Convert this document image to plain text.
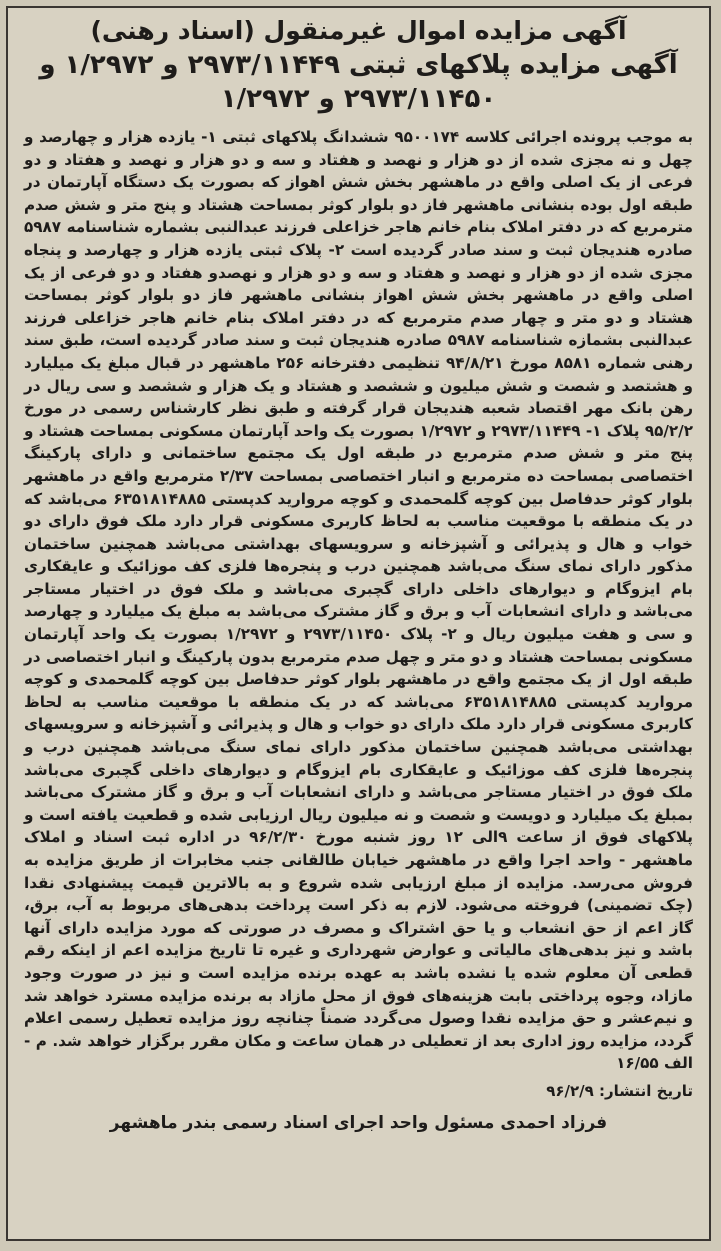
آگهی مزایده اموال غیرمنقول (اسناد رهنی)
آگهی مزایده پلاکهای ثبتی ۲۹۷۳/۱۱۴۴۹ و ۱/۲۹۷۲ و
۲۹۷۳/۱۱۴۵۰ و ۱/۲۹۷۲

به موجب پرونده اجرائی کلاسه ۹۵۰۰۱۷۴ ششدانگ پلاکهای ثبتی ۱- یازده هزار و چهارصد و چهل و نه مجزی شده از دو هزار و نهصد و هفتاد و سه و دو هزار و نهصد و هفتاد و دو فرعی از یک اصلی واقع در ماهشهر بخش شش اهواز که بصورت یک دستگاه آپارتمان در طبقه اول بوده بنشانی ماهشهر فاز دو بلوار کوثر بمساحت هشتاد و پنج متر و شش صدم مترمربع که در دفتر املاک بنام خانم هاجر خزاعلی فرزند عبدالنبی بشماره شناسنامه ۵۹۸۷ صادره هندیجان ثبت و سند صادر گردیده است ۲- پلاک ثبتی یازده هزار و چهارصد و پنجاه مجزی شده از دو هزار و نهصد و هفتاد و سه و دو هزار و نهصدو هفتاد و دو فرعی از یک اصلی واقع در ماهشهر بخش شش اهواز بنشانی ماهشهر فاز دو بلوار کوثر بمساحت هشتاد و دو متر و چهار صدم مترمربع که در دفتر املاک بنام خانم هاجر خزاعلی فرزند عبدالنبی بشمازه شناسنامه ۵۹۸۷ صادره هندیجان ثبت و سند صادر گردیده است، طبق سند رهنی شماره ۸۵۸۱ مورخ ۹۴/۸/۲۱ تنظیمی دفترخانه ۲۵۶ ماهشهر در قبال مبلغ یک میلیارد و هشتصد و شصت و شش میلیون و ششصد و هشتاد و یک هزار و ششصد و سی ریال در رهن بانک مهر اقتصاد شعبه هندیجان قرار گرفته و طبق نظر کارشناس رسمی در مورخ ۹۵/۲/۲ پلاک ۱- ۲۹۷۳/۱۱۴۴۹ و ۱/۲۹۷۲ بصورت یک واحد آپارتمان مسکونی بمساحت هشتاد و پنج متر و شش صدم مترمربع در طبقه اول یک مجتمع ساختمانی و دارای پارکینگ اختصاصی بمساحت ده مترمربع و انبار اختصاصی بمساحت ۲/۳۷ مترمربع واقع در ماهشهر بلوار کوثر حدفاصل بین کوچه گلمحمدی و کوچه مروارید کدپستی ۶۳۵۱۸۱۴۸۸۵ می‌باشد که در یک منطقه با موقعیت مناسب به لحاظ کاربری مسکونی قرار دارد ملک فوق دارای دو خواب و هال و پذیرائی و آشپزخانه و سرویسهای بهداشتی می‌باشد همچنین ساختمان مذکور دارای نمای سنگ می‌باشد همچنین درب و پنجره‌ها فلزی کف موزائیک و عایقکاری بام ایزوگام و دیوارهای داخلی دارای گچبری می‌باشد و ملک فوق در اختیار مستاجر می‌باشد و دارای انشعابات آب و برق و گاز مشترک می‌باشد به مبلغ یک میلیارد و چهارصد و سی و هفت میلیون ریال و ۲- پلاک ۲۹۷۳/۱۱۴۵۰ و ۱/۲۹۷۲ بصورت یک واحد آپارتمان مسکونی بمساحت هشتاد و دو متر و چهل صدم مترمربع بدون پارکینگ و انبار اختصاصی در طبقه اول از یک مجتمع واقع در ماهشهر بلوار کوثر حدفاصل بین کوچه گلمحمدی و کوچه مروارید کدپستی ۶۳۵۱۸۱۴۸۸۵ می‌باشد که در یک منطقه با موقعیت مناسب به لحاظ کاربری مسکونی قرار دارد ملک دارای دو خواب و هال و پذیرائی و آشپزخانه و سرویسهای بهداشتی می‌باشد همچنین ساختمان مذکور دارای نمای سنگ می‌باشد همچنین درب و پنجره‌ها فلزی کف موزائیک و عایقکاری بام ایزوگام و دیوارهای داخلی گچبری می‌باشد ملک فوق در اختیار مستاجر می‌باشد و دارای انشعابات آب و برق و گاز مشترک می‌باشد بمبلغ یک میلیارد و دویست و شصت و نه میلیون ریال ارزیابی شده و قطعیت یافته است و پلاکهای فوق از ساعت ۹الی ۱۲ روز شنبه مورخ ۹۶/۲/۳۰ در اداره ثبت اسناد و املاک ماهشهر - واحد اجرا واقع در ماهشهر خیابان طالقانی جنب مخابرات از طریق مزایده به فروش می‌رسد. مزایده از مبلغ ارزیابی شده شروع و به بالاترین قیمت پیشنهادی نقدا (چک تضمینی) فروخته می‌شود. لازم به ذکر است پرداخت بدهی‌های مربوط به آب، برق، گاز اعم از حق انشعاب و یا حق اشتراک و مصرف در صورتی که مورد مزایده دارای آنها باشد و نیز بدهی‌های مالیاتی و عوارض شهرداری و غیره تا تاریخ مزایده اعم از اینکه رقم قطعی آن معلوم شده یا نشده باشد به عهده برنده مزایده است و نیز در صورت وجود مازاد، وجوه پرداختی بابت هزینه‌های فوق از محل مازاد به برنده مزایده مسترد خواهد شد و نیم‌عشر و حق مزایده نقدا وصول می‌گردد ضمناً چنانچه روز مزایده تعطیل رسمی اعلام گردد، مزایده روز اداری بعد از تعطیلی در همان ساعت و مکان مقرر برگزار خواهد شد. م - الف ۱۶/۵۵

تاریخ انتشار: ۹۶/۲/۹
فرزاد احمدی مسئول واحد اجرای اسناد رسمی بندر ماهشهر
